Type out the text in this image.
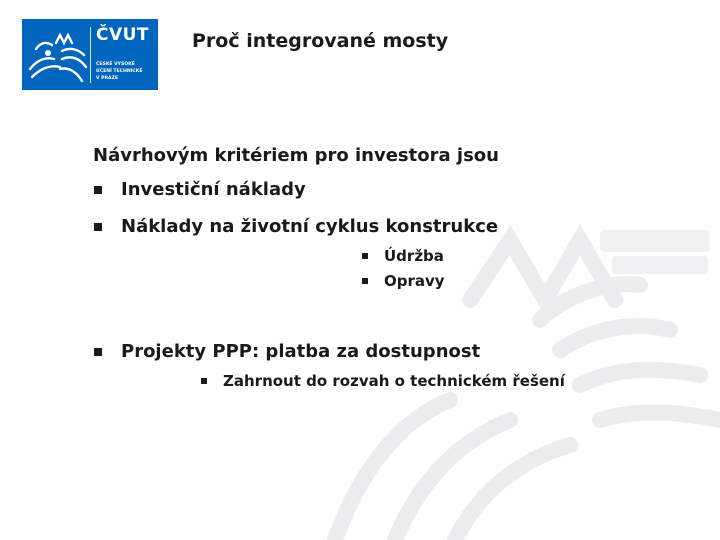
ČVUT
ČESKÉ VYSOKÉ
UČENÍ TECHNICKÉ
V PRAZE
Proč integrované mosty
Návrhovým kritériem pro investora jsou
Investiční náklady
Náklady na životní cyklus konstrukce
Údržba
Opravy
Projekty PPP: platba za dostupnost
Zahrnout do rozvah o technickém řešení
